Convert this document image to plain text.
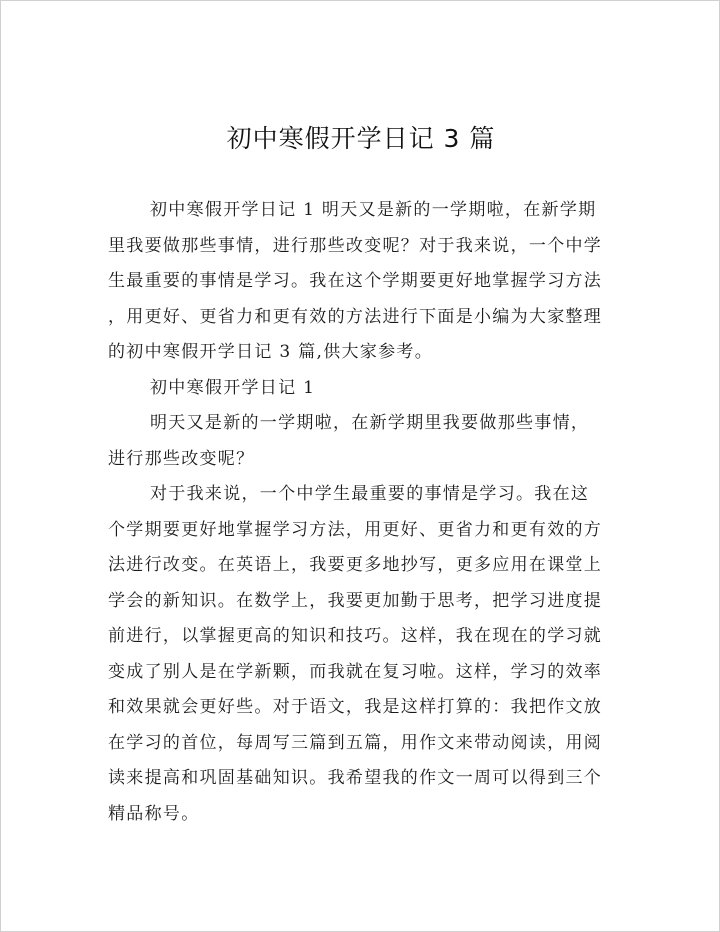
初中寒假开学日记 3 篇
初中寒假开学日记 1 明天又是新的一学期啦，在新学期
里我要做那些事情，进行那些改变呢？对于我来说，一个中学
生最重要的事情是学习。我在这个学期要更好地掌握学习方法
，用更好、更省力和更有效的方法进行下面是小编为大家整理
的初中寒假开学日记 3 篇,供大家参考。
初中寒假开学日记 1
明天又是新的一学期啦，在新学期里我要做那些事情，
进行那些改变呢？
对于我来说，一个中学生最重要的事情是学习。我在这
个学期要更好地掌握学习方法，用更好、更省力和更有效的方
法进行改变。在英语上，我要更多地抄写，更多应用在课堂上
学会的新知识。在数学上，我要更加勤于思考，把学习进度提
前进行，以掌握更高的知识和技巧。这样，我在现在的学习就
变成了别人是在学新颗，而我就在复习啦。这样，学习的效率
和效果就会更好些。对于语文，我是这样打算的：我把作文放
在学习的首位，每周写三篇到五篇，用作文来带动阅读，用阅
读来提高和巩固基础知识。我希望我的作文一周可以得到三个
精品称号。
